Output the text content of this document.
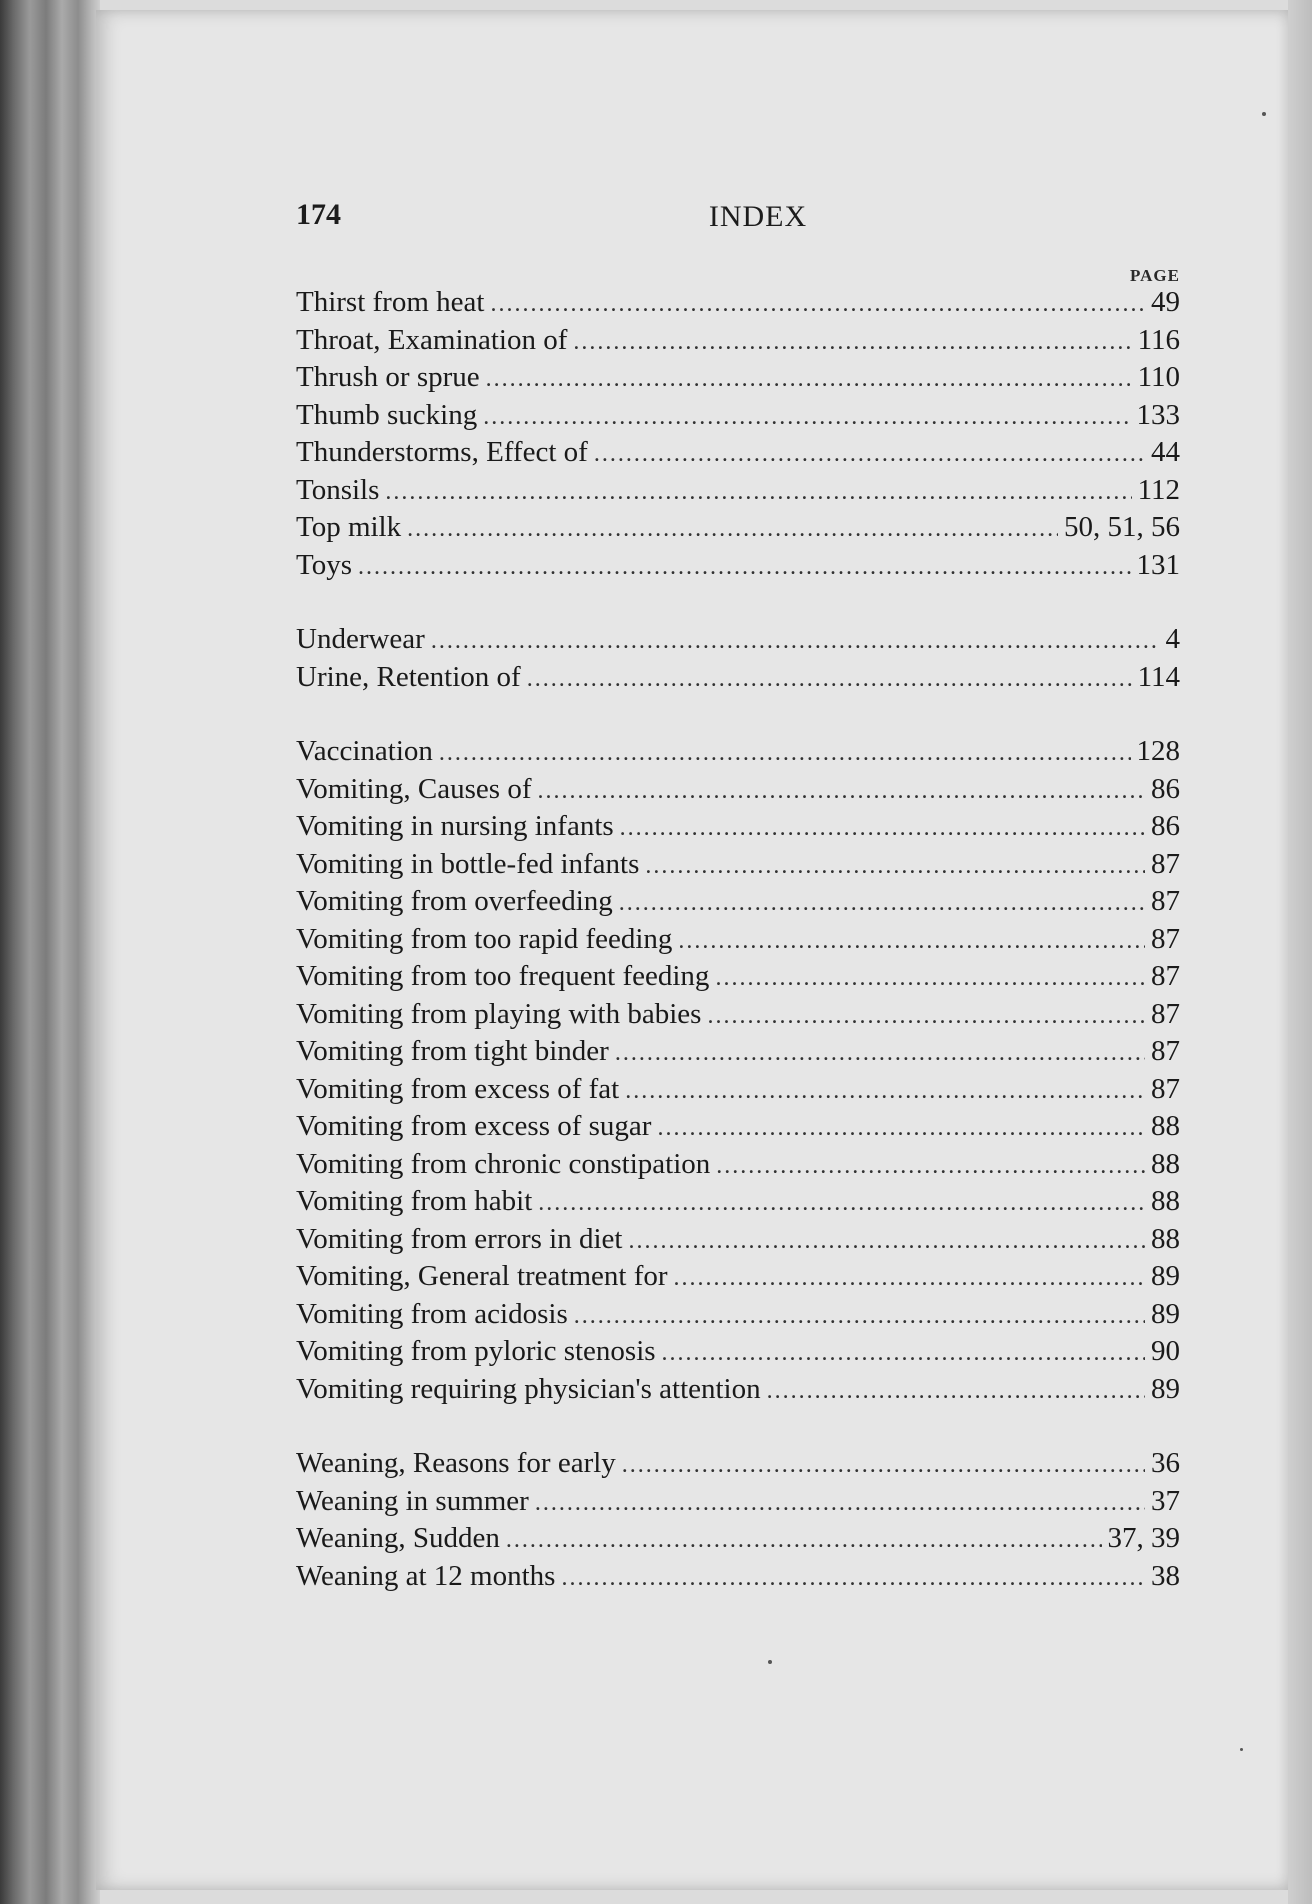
174	INDEX
PAGE
Thirst from heat . . .	49
Throat, Examination of . . .	116
Thrush or sprue . . .	110
Thumb sucking . . .	133
Thunderstorms, Effect of . . .	44
Tonsils . . .	112
Top milk . . .	50, 51, 56
Toys . . .	131
Underwear . . .	4
Urine, Retention of . . .	114
Vaccination . . .	128
Vomiting, Causes of . . .	86
Vomiting in nursing infants . . .	86
Vomiting in bottle-fed infants . . .	87
Vomiting from overfeeding . . .	87
Vomiting from too rapid feeding . . .	87
Vomiting from too frequent feeding . . .	87
Vomiting from playing with babies . . .	87
Vomiting from tight binder . . .	87
Vomiting from excess of fat . . .	87
Vomiting from excess of sugar . . .	88
Vomiting from chronic constipation . . .	88
Vomiting from habit . . .	88
Vomiting from errors in diet . . .	88
Vomiting, General treatment for . . .	89
Vomiting from acidosis . . .	89
Vomiting from pyloric stenosis . . .	90
Vomiting requiring physician's attention . . .	89
Weaning, Reasons for early . . .	36
Weaning in summer . . .	37
Weaning, Sudden . . .	37, 39
Weaning at 12 months . . .	38
